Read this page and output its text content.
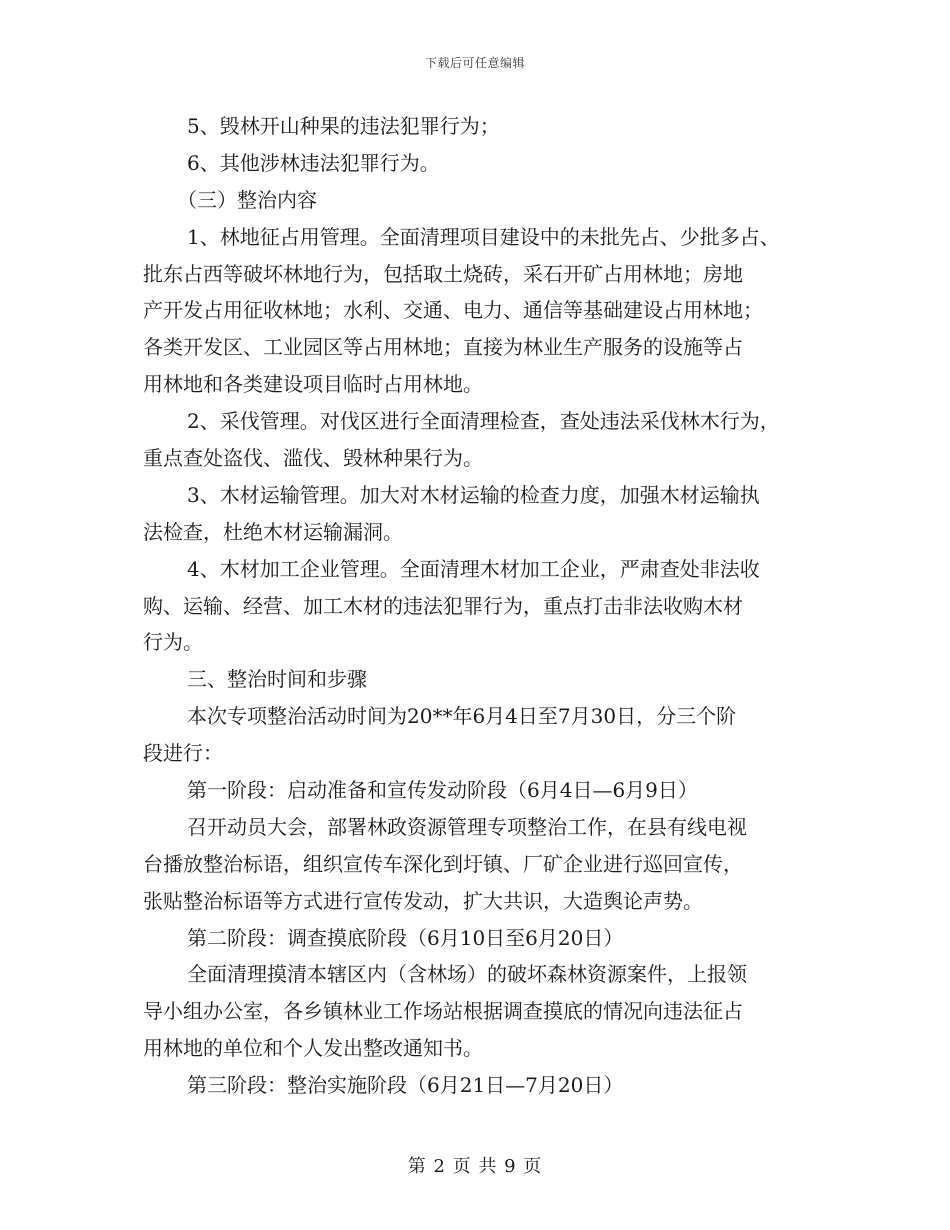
下载后可任意编辑
5、毁林开山种果的违法犯罪行为；
6、其他涉林违法犯罪行为。
（三）整治内容
1、林地征占用管理。全面清理项目建设中的未批先占、少批多占、
批东占西等破坏林地行为，包括取土烧砖，采石开矿占用林地；房地
产开发占用征收林地；水利、交通、电力、通信等基础建设占用林地；
各类开发区、工业园区等占用林地；直接为林业生产服务的设施等占
用林地和各类建设项目临时占用林地。
2、采伐管理。对伐区进行全面清理检查，查处违法采伐林木行为，
重点查处盗伐、滥伐、毁林种果行为。
3、木材运输管理。加大对木材运输的检查力度，加强木材运输执
法检查，杜绝木材运输漏洞。
4、木材加工企业管理。全面清理木材加工企业，严肃查处非法收
购、运输、经营、加工木材的违法犯罪行为，重点打击非法收购木材
行为。
三、整治时间和步骤
本次专项整治活动时间为20**年6月4日至7月30日，分三个阶
段进行：
第一阶段：启动准备和宣传发动阶段（6月4日—6月9日）
召开动员大会，部署林政资源管理专项整治工作，在县有线电视
台播放整治标语，组织宣传车深化到圩镇、厂矿企业进行巡回宣传，
张贴整治标语等方式进行宣传发动，扩大共识，大造舆论声势。
第二阶段：调查摸底阶段（6月10日至6月20日）
全面清理摸清本辖区内（含林场）的破坏森林资源案件，上报领
导小组办公室，各乡镇林业工作场站根据调查摸底的情况向违法征占
用林地的单位和个人发出整改通知书。
第三阶段：整治实施阶段（6月21日—7月20日）
第 2 页 共 9 页
